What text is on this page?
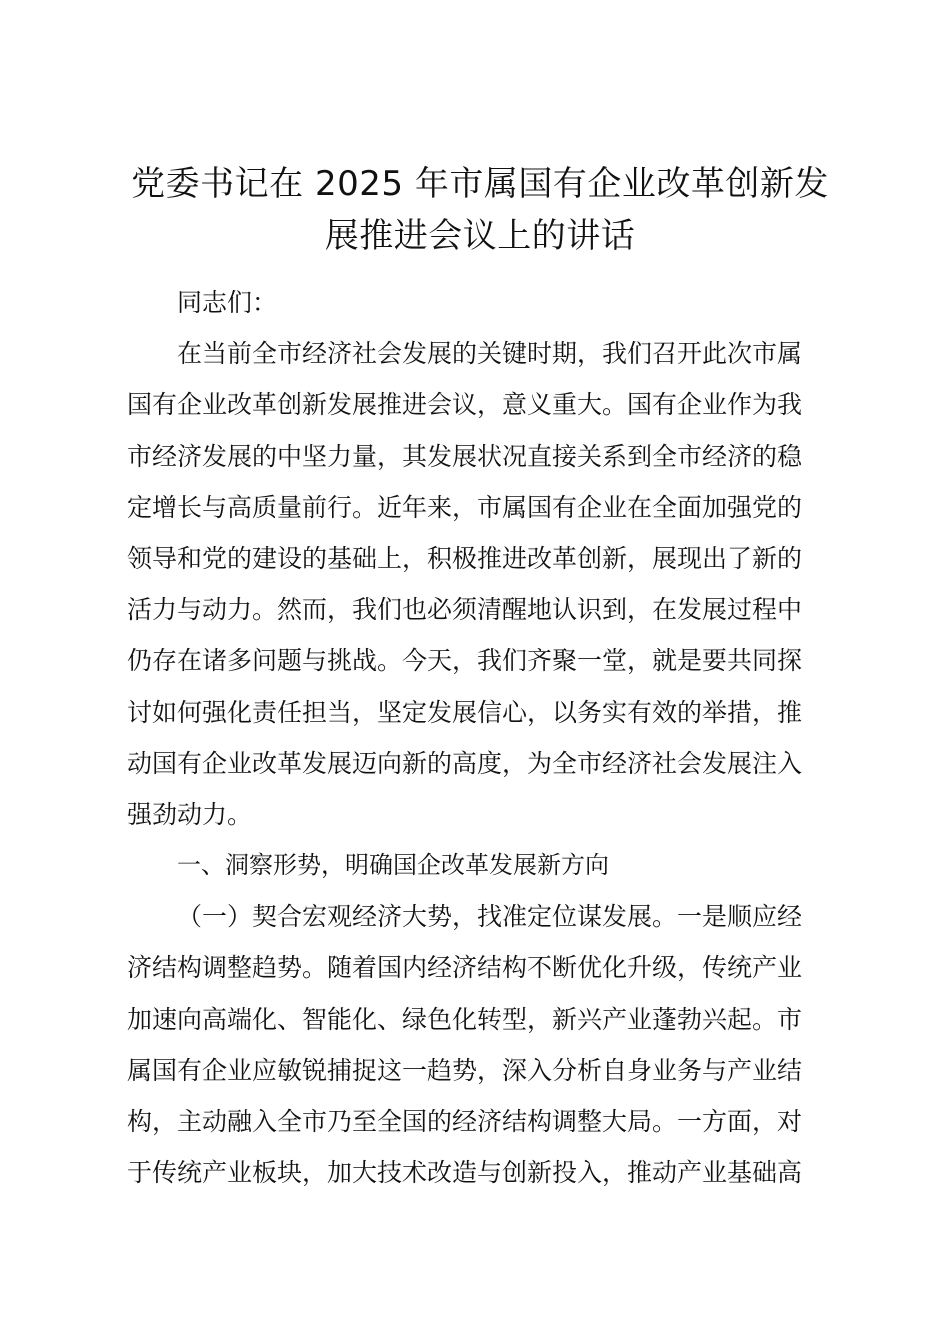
党委书记在 2025 年市属国有企业改革创新发
展推进会议上的讲话
同志们：
在当前全市经济社会发展的关键时期，我们召开此次市属
国有企业改革创新发展推进会议，意义重大。国有企业作为我
市经济发展的中坚力量，其发展状况直接关系到全市经济的稳
定增长与高质量前行。近年来，市属国有企业在全面加强党的
领导和党的建设的基础上，积极推进改革创新，展现出了新的
活力与动力。然而，我们也必须清醒地认识到，在发展过程中
仍存在诸多问题与挑战。今天，我们齐聚一堂，就是要共同探
讨如何强化责任担当，坚定发展信心，以务实有效的举措，推
动国有企业改革发展迈向新的高度，为全市经济社会发展注入
强劲动力。
一、洞察形势，明确国企改革发展新方向
（一）契合宏观经济大势，找准定位谋发展。一是顺应经
济结构调整趋势。随着国内经济结构不断优化升级，传统产业
加速向高端化、智能化、绿色化转型，新兴产业蓬勃兴起。市
属国有企业应敏锐捕捉这一趋势，深入分析自身业务与产业结
构，主动融入全市乃至全国的经济结构调整大局。一方面，对
于传统产业板块，加大技术改造与创新投入，推动产业基础高
